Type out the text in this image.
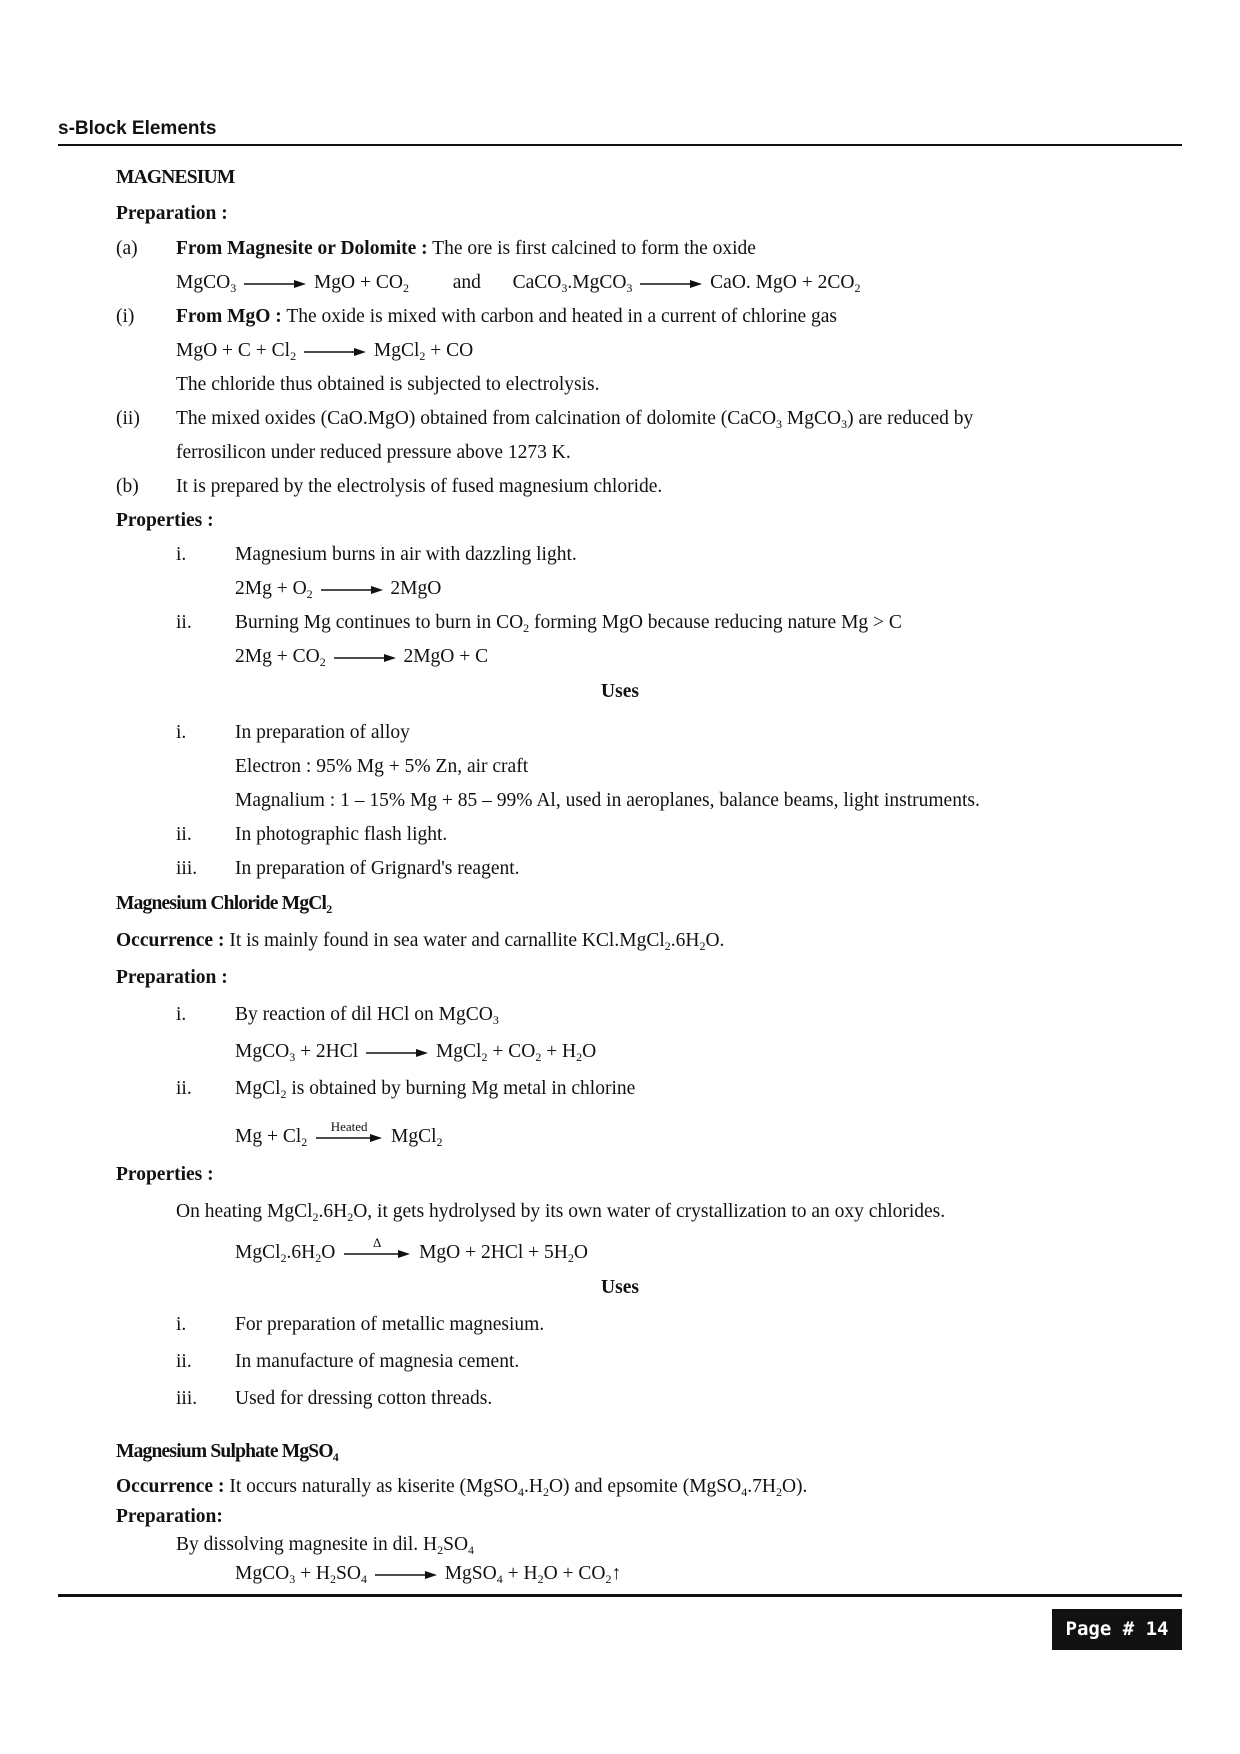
s-Block Elements
MAGNESIUM
Preparation :
(a) From Magnesite or Dolomite : The ore is first calcined to form the oxide
MgCO$_3$ → MgO + $CO_2$ and CaCO$_3$.MgCO$_3$ → CaO. MgO + $2CO_2$
(i) From MgO : The oxide is mixed with carbon and heated in a current of chlorine gas
MgO + $C + Cl_2$ → MgCl$_2$ + CO
The chloride thus obtained is subjected to electrolysis.
(ii) The mixed oxides (CaO.MgO) obtained from calcination of dolomite (CaCO$_3$ MgCO$_3$) are reduced by
ferrosilicon under reduced pressure above 1273 K.
(b) It is prepared by the electrolysis of fused magnesium chloride.
Properties :
i. Magnesium burns in air with dazzling light.
$2Mg + O_2 \to 2MgO$
ii. Burning Mg continues to burn in $CO_2$ forming MgO because reducing nature Mg > C
$2Mg + CO_2 \to 2MgO + C$
Uses
i. In preparation of alloy
Electron : 95% Mg + 5% Zn, air craft
Magnalium : 1 – 15% Mg + 85 – 99% Al, used in aeroplanes, balance beams, light instruments.
ii. In photographic flash light.
iii. In preparation of Grignard's reagent.
Magnesium Chloride MgCl$_2$
Occurrence : It is mainly found in sea water and carnallite $KCl.MgCl_2.6H_2O$.
Preparation :
i. By reaction of dil HCl on MgCO$_3$
MgCO$_3$ + 2HCl → MgCl$_2$ + $CO_2 + H_2O$
ii. MgCl$_2$ is obtained by burning Mg metal in chlorine
$Mg + Cl_2$
Heated	MgCl$_2$
Properties :
On heating $MgCl_2.6H_2O$, it gets hydrolysed by its own water of crystallization to an oxy chlorides.
$MgCl_2.6H_2O$	Δ	MgO + $2HCl + 5H_2O$
Uses
i. For preparation of metallic magnesium.
ii. In manufacture of magnesia cement.
iii. Used for dressing cotton threads.
Magnesium Sulphate MgSO$_4$
Occurrence : It occurs naturally as kiserite $(MgSO_4.H_2O)$ and epsomite $(MgSO_4.7H_2O)$.
Preparation:
By dissolving magnesite in dil. $H_2SO_4$
MgCO$_3$ + $H_2SO_4$ → MgSO$_4$ + $H_2O$ + $CO_2↑$
Page # 14
